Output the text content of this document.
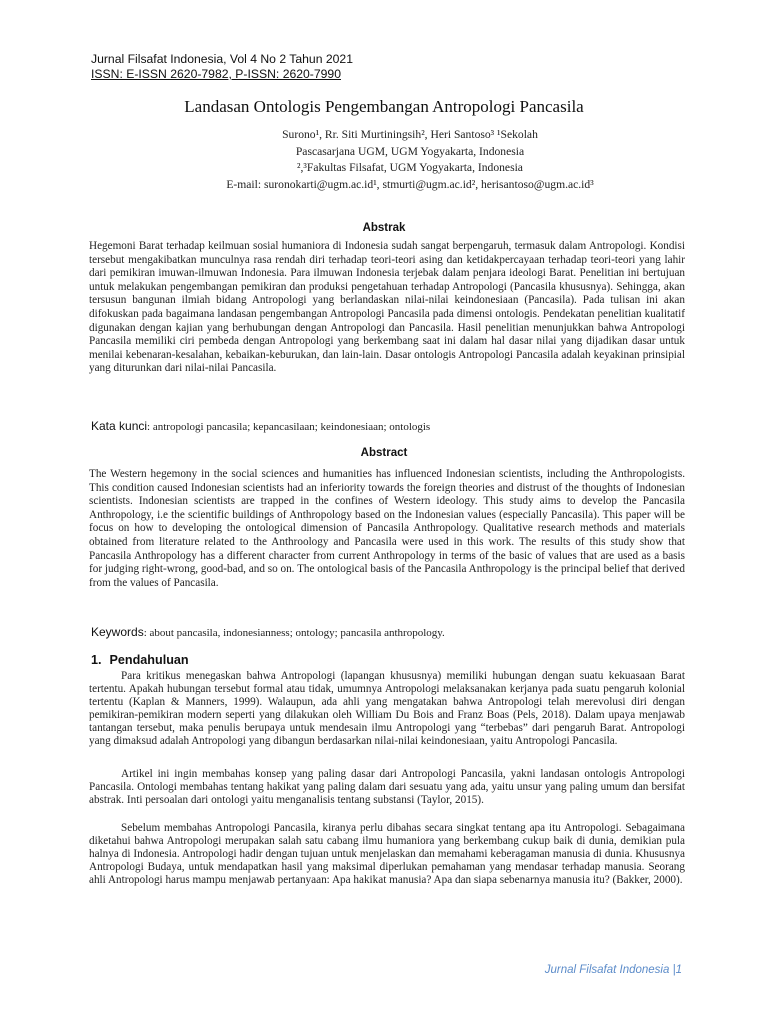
Jurnal Filsafat Indonesia, Vol 4 No 2 Tahun 2021
ISSN: E-ISSN 2620-7982, P-ISSN: 2620-7990
Landasan Ontologis Pengembangan Antropologi Pancasila
Surono¹, Rr. Siti Murtiningsih², Heri Santoso³ ¹Sekolah
Pascasarjana UGM, UGM Yogyakarta, Indonesia
²,³Fakultas Filsafat, UGM Yogyakarta, Indonesia
E-mail: suronokarti@ugm.ac.id¹, stmurti@ugm.ac.id², herisantoso@ugm.ac.id³
Abstrak

Hegemoni Barat terhadap keilmuan sosial humaniora di Indonesia sudah sangat berpengaruh, termasuk dalam Antropologi. Kondisi tersebut mengakibatkan munculnya rasa rendah diri terhadap teori-teori asing dan ketidakpercayaan terhadap teori-teori yang lahir dari pemikiran imuwan-ilmuwan Indonesia. Para ilmuwan Indonesia terjebak dalam penjara ideologi Barat. Penelitian ini bertujuan untuk melakukan pengembangan pemikiran dan produksi pengetahuan terhadap Antropologi (Pancasila khususnya). Sehingga, akan tersusun bangunan ilmiah bidang Antropologi yang berlandaskan nilai-nilai keindonesiaan (Pancasila). Pada tulisan ini akan difokuskan pada bagaimana landasan pengembangan Antropologi Pancasila pada dimensi ontologis. Pendekatan penelitian kualitatif digunakan dengan kajian yang berhubungan dengan Antropologi dan Pancasila. Hasil penelitian menunjukkan bahwa Antropologi Pancasila memiliki ciri pembeda dengan Antropologi yang berkembang saat ini dalam hal dasar nilai yang dijadikan dasar untuk menilai kebenaran-kesalahan, kebaikan-keburukan, dan lain-lain. Dasar ontologis Antropologi Pancasila adalah keyakinan prinsipial yang diturunkan dari nilai-nilai Pancasila.

Kata kunci: antropologi pancasila; kepancasilaan; keindonesiaan; ontologis
Abstract

The Western hegemony in the social sciences and humanities has influenced Indonesian scientists, including the Anthropologists. This condition caused Indonesian scientists had an inferiority towards the foreign theories and distrust of the thoughts of Indonesian scientists. Indonesian scientists are trapped in the confines of Western ideology. This study aims to develop the Pancasila Anthropology, i.e the scientific buildings of Anthropology based on the Indonesian values (especially Pancasila). This paper will be focus on how to developing the ontological dimension of Pancasila Anthropology. Qualitative research methods and materials obtained from literature related to the Anthroology and Pancasila were used in this work. The results of this study show that Pancasila Anthropology has a different character from current Anthropology in terms of the basic of values that are used as a basis for judging right-wrong, good-bad, and so on. The ontological basis of the Pancasila Anthropology is the principal belief that derived from the values of Pancasila.

Keywords: about pancasila, indonesianness; ontology; pancasila anthropology.
1. Pendahuluan

Para kritikus menegaskan bahwa Antropologi (lapangan khususnya) memiliki hubungan dengan suatu kekuasaan Barat tertentu. Apakah hubungan tersebut formal atau tidak, umumnya Antropologi melaksanakan kerjanya pada suatu pengaruh kolonial tertentu (Kaplan & Manners, 1999). Walaupun, ada ahli yang mengatakan bahwa Antropologi telah merevolusi diri dengan pemikiran-pemikiran modern seperti yang dilakukan oleh William Du Bois and Franz Boas (Pels, 2018). Dalam upaya menjawab tantangan tersebut, maka penulis berupaya untuk mendesain ilmu Antropologi yang “terbebas” dari pengaruh Barat. Antropologi yang dimaksud adalah Antropologi yang dibangun berdasarkan nilai-nilai keindonesiaan, yaitu Antropologi Pancasila.

Artikel ini ingin membahas konsep yang paling dasar dari Antropologi Pancasila, yakni landasan ontologis Antropologi Pancasila. Ontologi membahas tentang hakikat yang paling dalam dari sesuatu yang ada, yaitu unsur yang paling umum dan bersifat abstrak. Inti persoalan dari ontologi yaitu menganalisis tentang substansi (Taylor, 2015).

Sebelum membahas Antropologi Pancasila, kiranya perlu dibahas secara singkat tentang apa itu Antropologi. Sebagaimana diketahui bahwa Antropologi merupakan salah satu cabang ilmu humaniora yang berkembang cukup baik di dunia, demikian pula halnya di Indonesia. Antropologi hadir dengan tujuan untuk menjelaskan dan memahami keberagaman manusia di dunia. Khususnya Antropologi Budaya, untuk mendapatkan hasil yang maksimal diperlukan pemahaman yang mendasar terhadap manusia. Seorang ahli Antropologi harus mampu menjawab pertanyaan: Apa hakikat manusia? Apa dan siapa sebenarnya manusia itu? (Bakker, 2000).

Jurnal Filsafat Indonesia |1
